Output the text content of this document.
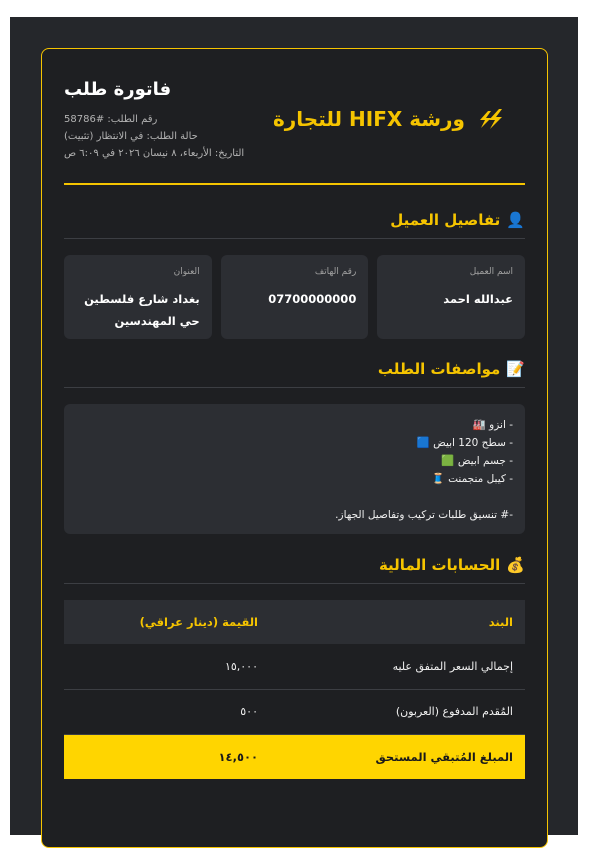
ورشة HIFX للتجارة
فاتورة طلب
رقم الطلب: #58786
حالة الطلب: في الانتظار (تثبيت)
التاريخ: الأربعاء، ٨ نيسان ٢٠٢٦ في ٦:٠٩ ص
👤
تفاصيل العميل
اسم العميل
عبدالله احمد
رقم الهاتف
07700000000
العنوان
بغداد شارع فلسطين حي المهندسين
📝
مواصفات الطلب
- انزو 🏭
- سطح 120 ابيض 🟦
- جسم ابيض 🟩
- كيبل منجمنت 🧵
-# تنسيق طلبات تركيب وتفاصيل الجهاز.
💰
الحسابات المالية
البند	القيمة (دينار عراقي)
إجمالي السعر المتفق عليه	١٥,٠٠٠
المُقدم المدفوع (العربون)	٥٠٠
المبلغ المُتبقي المستحق	١٤,٥٠٠
